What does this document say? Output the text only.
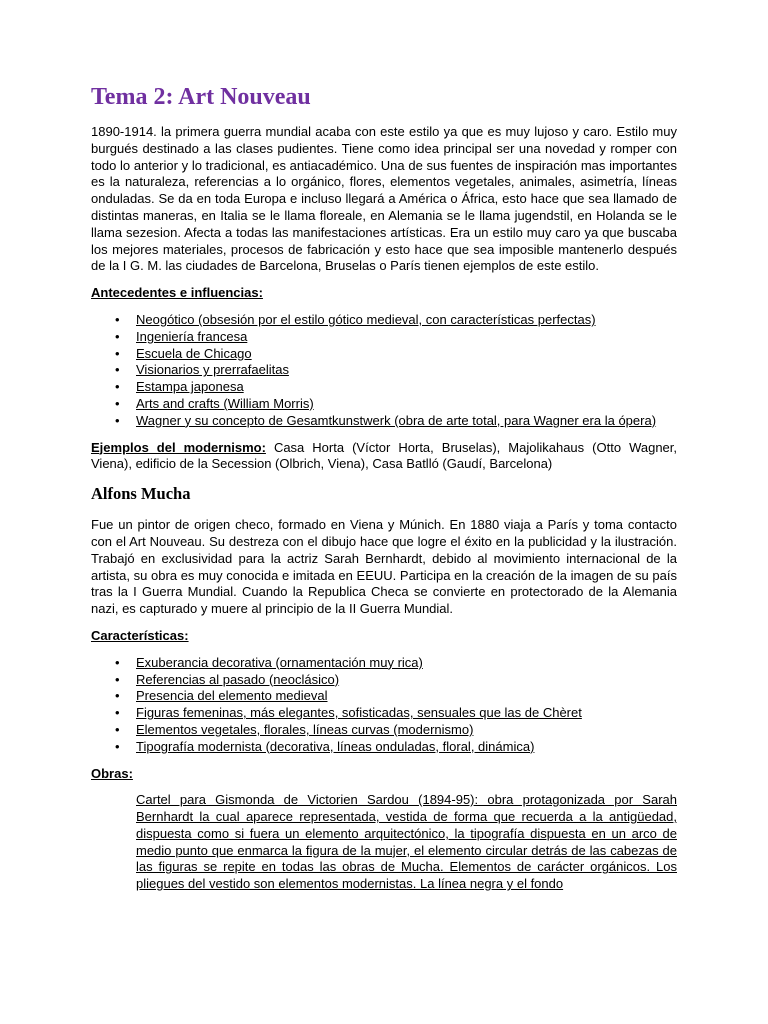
Tema 2: Art Nouveau

1890-1914. la primera guerra mundial acaba con este estilo ya que es muy lujoso y caro. Estilo muy burgués destinado a las clases pudientes. Tiene como idea principal ser una novedad y romper con todo lo anterior y lo tradicional, es antiacadémico. Una de sus fuentes de inspiración mas importantes es la naturaleza, referencias a lo orgánico, flores, elementos vegetales, animales, asimetría, líneas onduladas. Se da en toda Europa e incluso llegará a América o África, esto hace que sea llamado de distintas maneras, en Italia se le llama floreale, en Alemania se le llama jugendstil, en Holanda se le llama sezesion. Afecta a todas las manifestaciones artísticas. Era un estilo muy caro ya que buscaba los mejores materiales, procesos de fabricación y esto hace que sea imposible mantenerlo después de la I G. M. las ciudades de Barcelona, Bruselas o París tienen ejemplos de este estilo.

Antecedentes e influencias:
• Neogótico (obsesión por el estilo gótico medieval, con características perfectas)
• Ingeniería francesa
• Escuela de Chicago
• Visionarios y prerrafaelitas
• Estampa japonesa
• Arts and crafts (William Morris)
• Wagner y su concepto de Gesamtkunstwerk (obra de arte total, para Wagner era la ópera)

Ejemplos del modernismo: Casa Horta (Víctor Horta, Bruselas), Majolikahaus (Otto Wagner, Viena), edificio de la Secession (Olbrich, Viena), Casa Batlló (Gaudí, Barcelona)

Alfons Mucha

Fue un pintor de origen checo, formado en Viena y Múnich. En 1880 viaja a París y toma contacto con el Art Nouveau. Su destreza con el dibujo hace que logre el éxito en la publicidad y la ilustración. Trabajó en exclusividad para la actriz Sarah Bernhardt, debido al movimiento internacional de la artista, su obra es muy conocida e imitada en EEUU. Participa en la creación de la imagen de su país tras la I Guerra Mundial. Cuando la Republica Checa se convierte en protectorado de la Alemania nazi, es capturado y muere al principio de la II Guerra Mundial.

Características:
• Exuberancia decorativa (ornamentación muy rica)
• Referencias al pasado (neoclásico)
• Presencia del elemento medieval
• Figuras femeninas, más elegantes, sofisticadas, sensuales que las de Chèret
• Elementos vegetales, florales, líneas curvas (modernismo)
• Tipografía modernista (decorativa, líneas onduladas, floral, dinámica)
Obras:
• Cartel para Gismonda de Victorien Sardou (1894-95): obra protagonizada por Sarah Bernhardt la cual aparece representada, vestida de forma que recuerda a la antigüedad, dispuesta como si fuera un elemento arquitectónico, la tipografía dispuesta en un arco de medio punto que enmarca la figura de la mujer, el elemento circular detrás de las cabezas de las figuras se repite en todas las obras de Mucha. Elementos de carácter orgánicos. Los pliegues del vestido son elementos modernistas. La línea negra y el fondo
